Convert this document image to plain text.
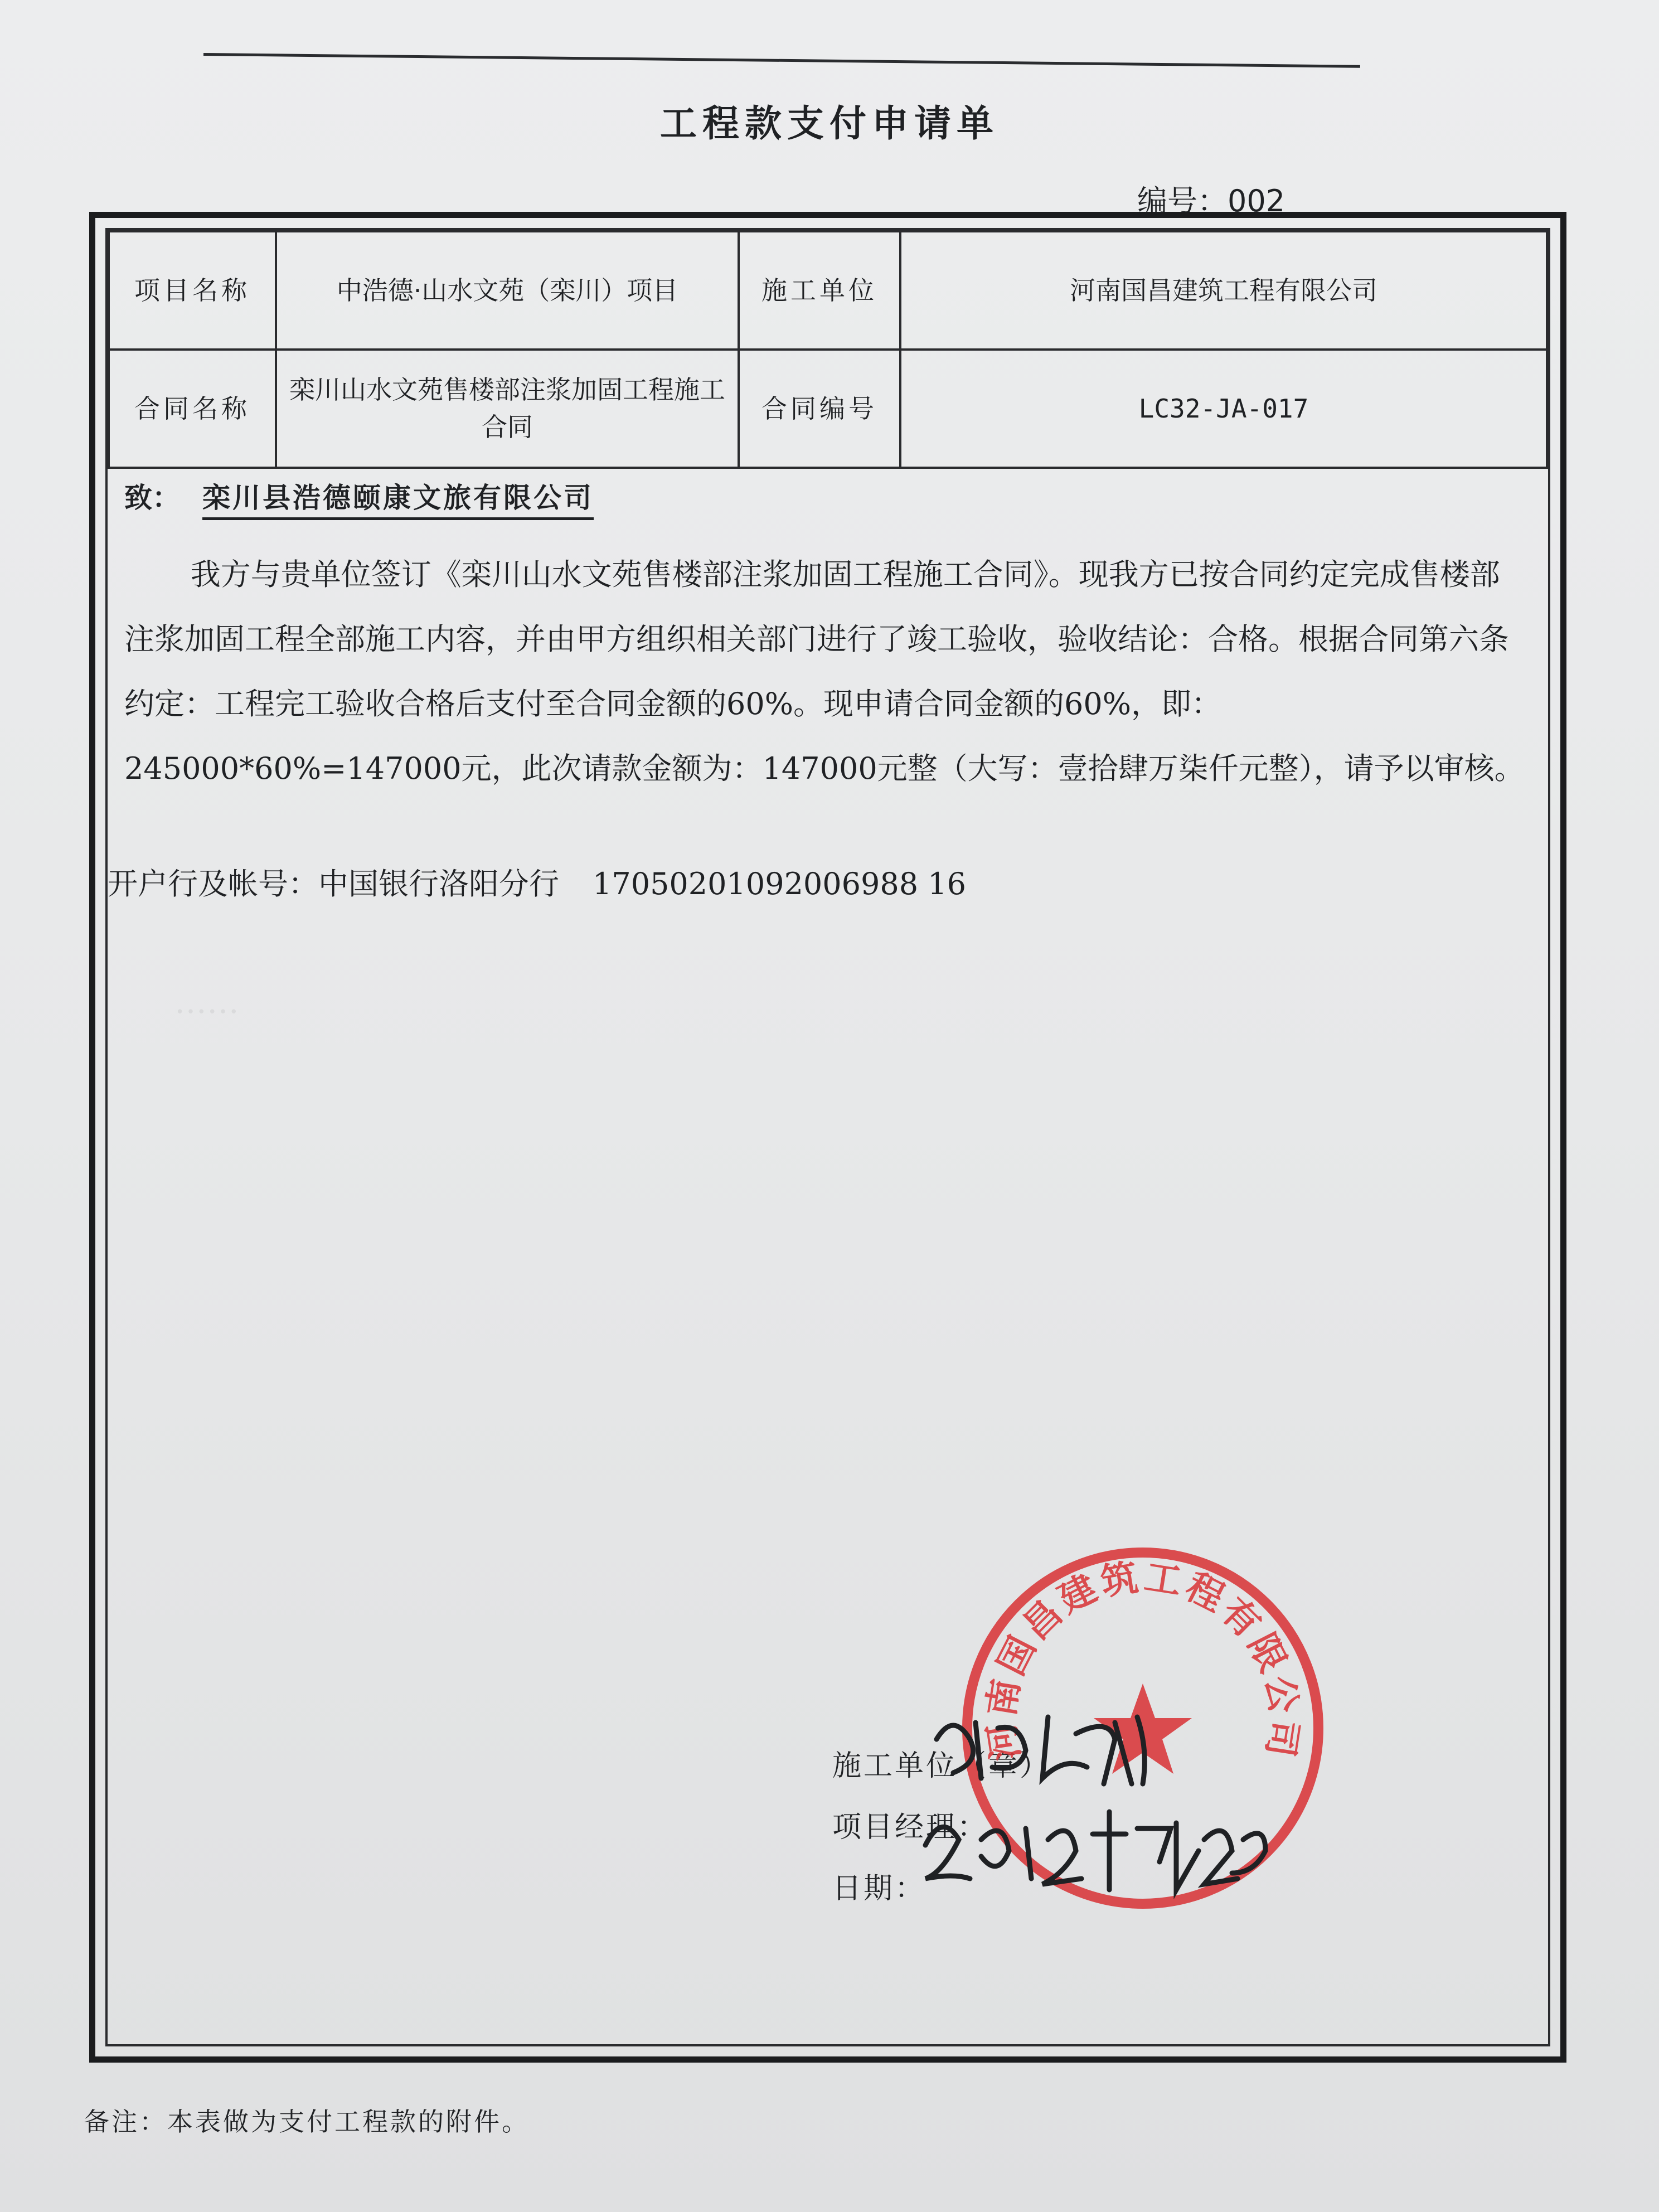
工程款支付申请单
编号：002
项目名称	中浩德·山水文苑（栾川）项目	施工单位	河南国昌建筑工程有限公司
合同名称	栾川山水文苑售楼部注浆加固工程施工合同	合同编号	LC32-JA-017
致： 栾川县浩德颐康文旅有限公司
我方与贵单位签订《栾川山水文苑售楼部注浆加固工程施工合同》。现我方已按合同约定完成售楼部注浆加固工程全部施工内容，并由甲方组织相关部门进行了竣工验收，验收结论：合格。根据合同第六条约定：工程完工验收合格后支付至合同金额的60%。现申请合同金额的60%，即：245000*60%=147000元，此次请款金额为：147000元整（大写：壹拾肆万柒仟元整），请予以审核。
开户行及帐号：中国银行洛阳分行 17050201092006988 16
……
施工单位（章）
项目经理：
日期：
河南国昌建筑工程有限公司
备注：本表做为支付工程款的附件。
